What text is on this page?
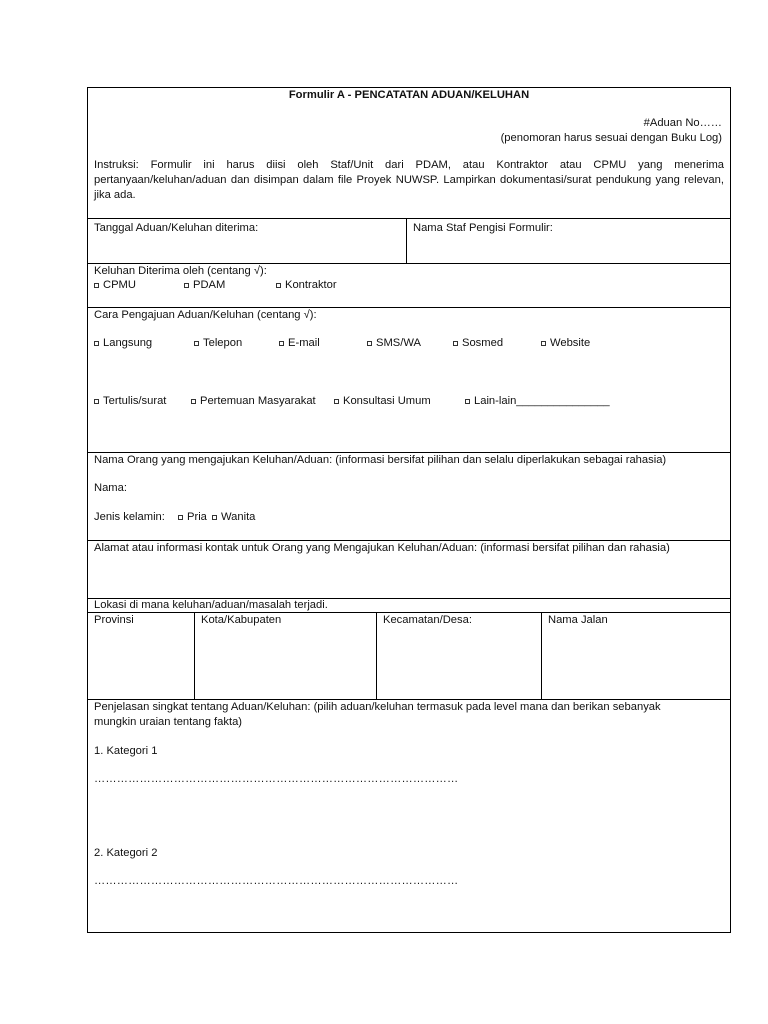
Formulir A - PENCATATAN ADUAN/KELUHAN
#Aduan No……
(penomoran harus sesuai dengan Buku Log)
Instruksi: Formulir ini harus diisi oleh Staf/Unit dari PDAM, atau Kontraktor atau CPMU yang menerima pertanyaan/keluhan/aduan dan disimpan dalam file Proyek NUWSP. Lampirkan dokumentasi/surat pendukung yang relevan, jika ada.
Tanggal Aduan/Keluhan diterima:	Nama Staf Pengisi Formulir:
Keluhan Diterima oleh (centang √):
CPMU	PDAM	Kontraktor
Cara Pengajuan Aduan/Keluhan (centang √):
Langsung	Telepon	E-mail	SMS/WA	Sosmed	Website
Tertulis/surat	Pertemuan Masyarakat Konsultasi Umum	Lain-lain_______________
Nama Orang yang mengajukan Keluhan/Aduan: (informasi bersifat pilihan dan selalu diperlakukan sebagai rahasia)
Nama:
Jenis kelamin: Pria Wanita
Alamat atau informasi kontak untuk Orang yang Mengajukan Keluhan/Aduan: (informasi bersifat pilihan dan rahasia)
Lokasi di mana keluhan/aduan/masalah terjadi.
Provinsi	Kota/Kabupaten	Kecamatan/Desa:	Nama Jalan
Penjelasan singkat tentang Aduan/Keluhan: (pilih aduan/keluhan termasuk pada level mana dan berikan sebanyak mungkin uraian tentang fakta)
1. Kategori 1
……………………………………………………………………………………
2. Kategori 2
……………………………………………………………………………………
